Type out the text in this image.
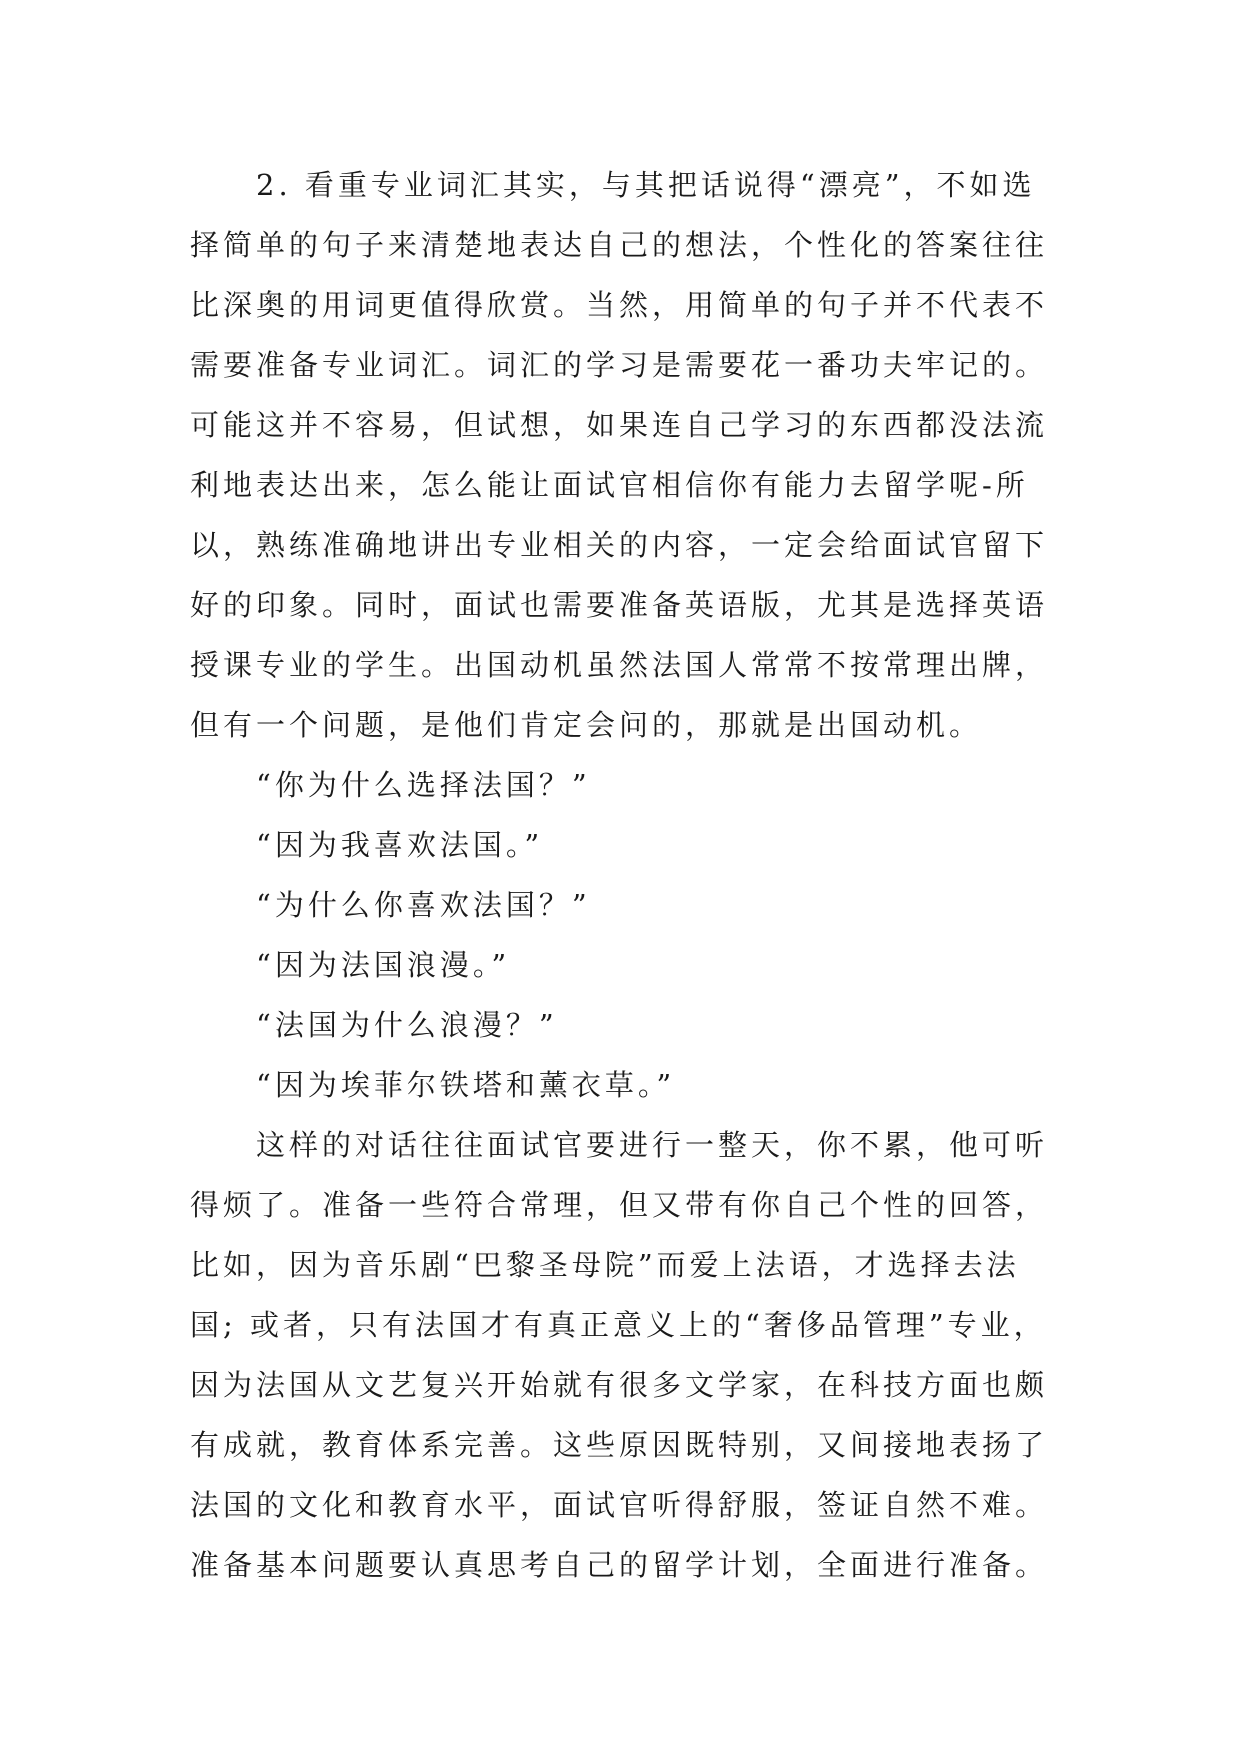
2. 看重专业词汇其实，与其把话说得“漂亮”，不如选择简单的句子来清楚地表达自己的想法，个性化的答案往往比深奥的用词更值得欣赏。当然，用简单的句子并不代表不需要准备专业词汇。词汇的学习是需要花一番功夫牢记的。可能这并不容易，但试想，如果连自己学习的东西都没法流利地表达出来，怎么能让面试官相信你有能力去留学呢-所以，熟练准确地讲出专业相关的内容，一定会给面试官留下好的印象。同时，面试也需要准备英语版，尤其是选择英语授课专业的学生。出国动机虽然法国人常常不按常理出牌，但有一个问题，是他们肯定会问的，那就是出国动机。

“你为什么选择法国？”

“因为我喜欢法国。”

“为什么你喜欢法国？”

“因为法国浪漫。”

“法国为什么浪漫？”

“因为埃菲尔铁塔和薰衣草。”

这样的对话往往面试官要进行一整天，你不累，他可听得烦了。准备一些符合常理，但又带有你自己个性的回答，比如，因为音乐剧“巴黎圣母院”而爱上法语，才选择去法国; 或者，只有法国才有真正意义上的“奢侈品管理”专业，因为法国从文艺复兴开始就有很多文学家，在科技方面也颇有成就，教育体系完善。这些原因既特别，又间接地表扬了法国的文化和教育水平，面试官听得舒服，签证自然不难。准备基本问题要认真思考自己的留学计划，全面进行准备。
